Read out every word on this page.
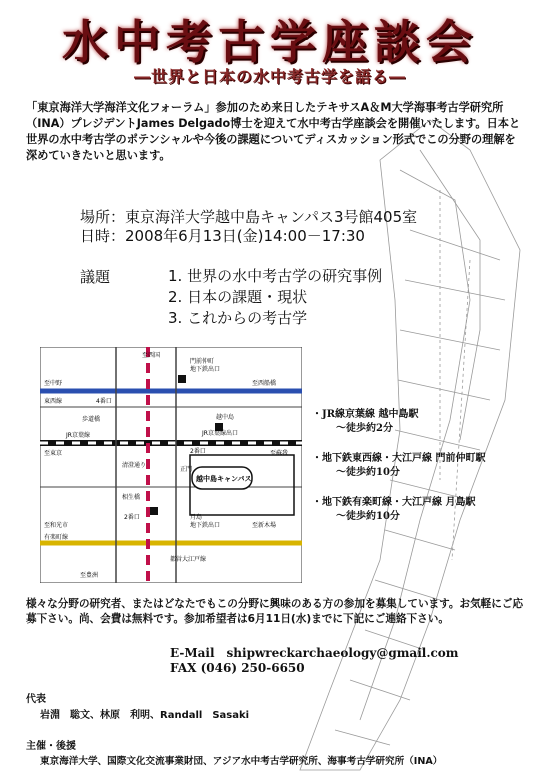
水中考古学座談会
―世界と日本の水中考古学を語る―

「東京海洋大学海洋文化フォーラム」参加のため来日したテキサスA＆M大学海事考古学研究所（INA）プレジデントJames Delgado博士を迎えて水中考古学座談会を開催いたします。日本と世界の水中考古学のポテンシャルや今後の課題についてディスカッション形式でこの分野の理解を深めていきたいと思います。

場所：東京海洋大学越中島キャンパス3号館405室
日時：2008年6月13日(金)14:00－17:30
議題	1. 世界の水中考古学の研究事例
2. 日本の課題・現状
3. これからの考古学
至西国
門前仲町
地下鉄出口
至中野	至西船橋
東西線	4番口
歩道橋	越中島
JR京葉線出口
JR京葉線
至東京	至蘇我
清澄通り
正門
2番口
越中島キャンパス
至和光市
有楽町線
2番口	月島
地下鉄出口	至新木場
相生橋
都営大江戸線
至豊洲
・JR線京葉線 越中島駅
～徒歩約2分
・地下鉄東西線・大江戸線 門前仲町駅
～徒歩約10分
・地下鉄有楽町線・大江戸線 月島駅
～徒歩約10分

様々な分野の研究者、またはどなたでもこの分野に興味のある方の参加を募集しています。お気軽にご応募下さい。尚、会費は無料です。参加希望者は6月11日(水)までに下記にご連絡下さい。

E-Mail　shipwreckarchaeology@gmail.com
FAX (046) 250-6650
代表
岩淵　聡文、林原　利明、Randall　Sasaki
主催・後援
東京海洋大学、国際文化交流事業財団、アジア水中考古学研究所、海事考古学研究所（INA）
